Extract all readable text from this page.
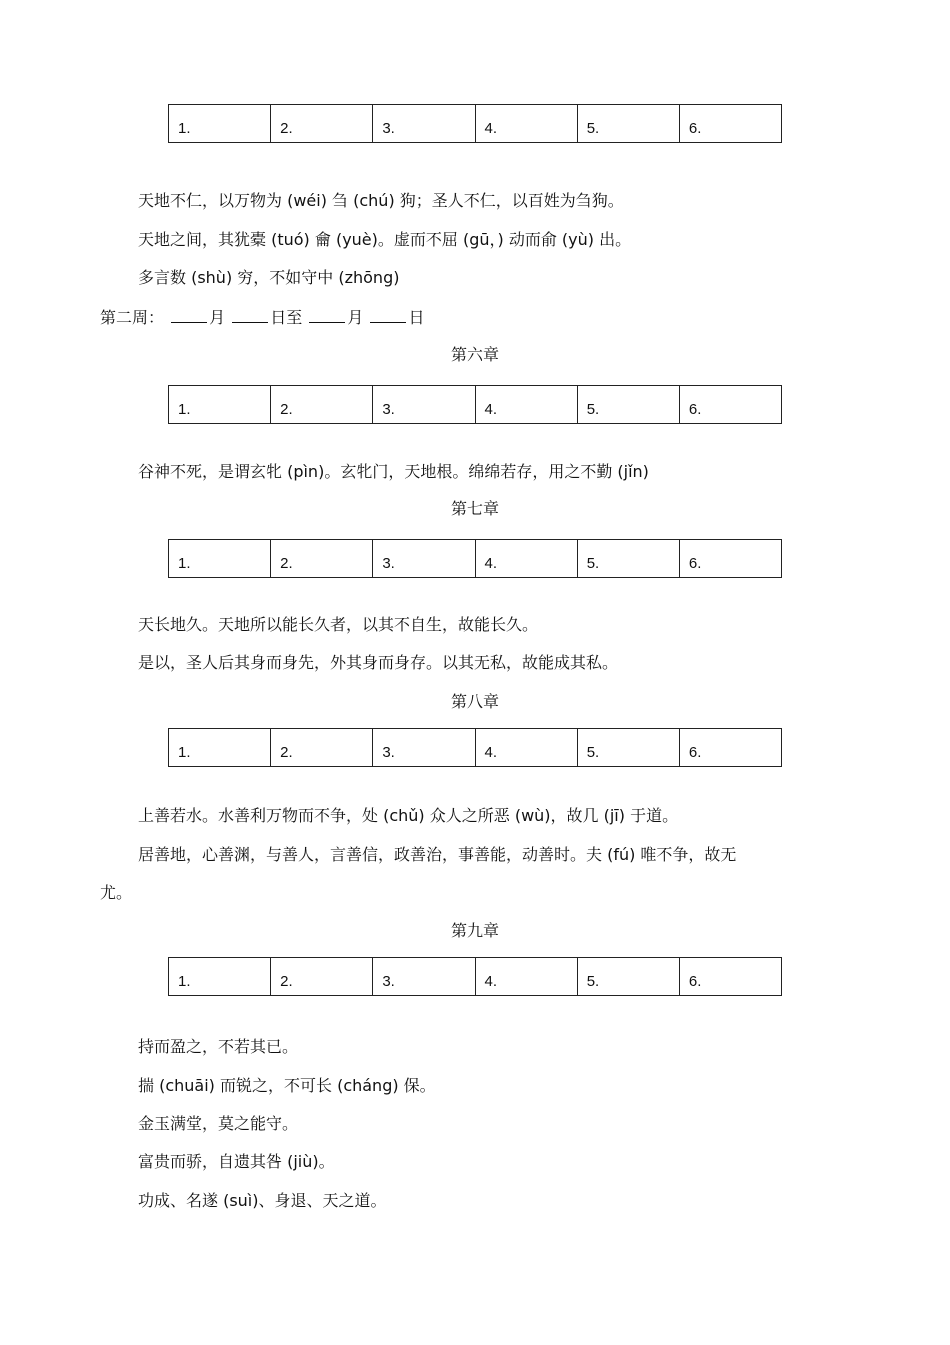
1.	2.	3.	4.	5.	6.
天地不仁，以万物为 (wéi) 刍 (chú) 狗；圣人不仁，以百姓为刍狗。
天地之间，其犹橐 (tuó) 龠 (yuè)。虚而不屈 (gū，) 动而俞 (yù) 出。
多言数 (shù) 穷，不如守中 (zhōng)
第二周：	月	日至	月	日
第六章
1.	2.	3.	4.	5.	6.
谷神不死，是谓玄牝 (pìn)。玄牝门，天地根。绵绵若存，用之不勤 (jǐn)
第七章
1.	2.	3.	4.	5.	6.
天长地久。天地所以能长久者，以其不自生，故能长久。
是以，圣人后其身而身先，外其身而身存。以其无私，故能成其私。
第八章
1.	2.	3.	4.	5.	6.
上善若水。水善利万物而不争，处 (chǔ) 众人之所恶 (wù)，故几 (jī) 于道。
居善地，心善渊，与善人，言善信，政善治，事善能，动善时。夫 (fú) 唯不争，故无
尤。
第九章
1.	2.	3.	4.	5.	6.
持而盈之，不若其已。
揣 (chuāi) 而锐之，不可长 (cháng) 保。
金玉满堂，莫之能守。
富贵而骄，自遗其咎 (jiù)。
功成、名遂 (suì)、身退、天之道。
